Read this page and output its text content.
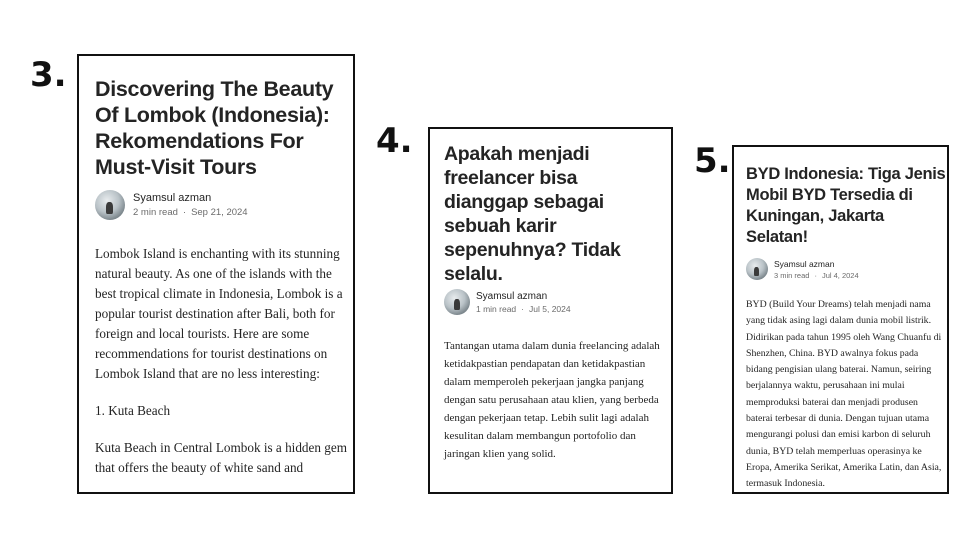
3.
4.	5.
Discovering The Beauty Of Lombok (Indonesia): Rekomendations For Must-Visit Tours
Syamsul azman
2 min read · Sep 21, 2024

Lombok Island is enchanting with its stunning natural beauty. As one of the islands with the best tropical climate in Indonesia, Lombok is a popular tourist destination after Bali, both for foreign and local tourists. Here are some recommendations for tourist destinations on Lombok Island that are no less interesting:

1. Kuta Beach

Kuta Beach in Central Lombok is a hidden gem that offers the beauty of white sand and

Apakah menjadi freelancer bisa dianggap sebagai sebuah karir sepenuhnya? Tidak selalu.
Syamsul azman
1 min read · Jul 5, 2024

Tantangan utama dalam dunia freelancing adalah ketidakpastian pendapatan dan ketidakpastian dalam memperoleh pekerjaan jangka panjang dengan satu perusahaan atau klien, yang berbeda dengan pekerjaan tetap. Lebih sulit lagi adalah kesulitan dalam membangun portofolio dan jaringan klien yang solid.

BYD Indonesia: Tiga Jenis Mobil BYD Tersedia di Kuningan, Jakarta Selatan!
Syamsul azman
3 min read · Jul 4, 2024

BYD (Build Your Dreams) telah menjadi nama yang tidak asing lagi dalam dunia mobil listrik. Didirikan pada tahun 1995 oleh Wang Chuanfu di Shenzhen, China. BYD awalnya fokus pada bidang pengisian ulang baterai. Namun, seiring berjalannya waktu, perusahaan ini mulai memproduksi baterai dan menjadi produsen baterai terbesar di dunia. Dengan tujuan utama mengurangi polusi dan emisi karbon di seluruh dunia, BYD telah memperluas operasinya ke Eropa, Amerika Serikat, Amerika Latin, dan Asia, termasuk Indonesia.
